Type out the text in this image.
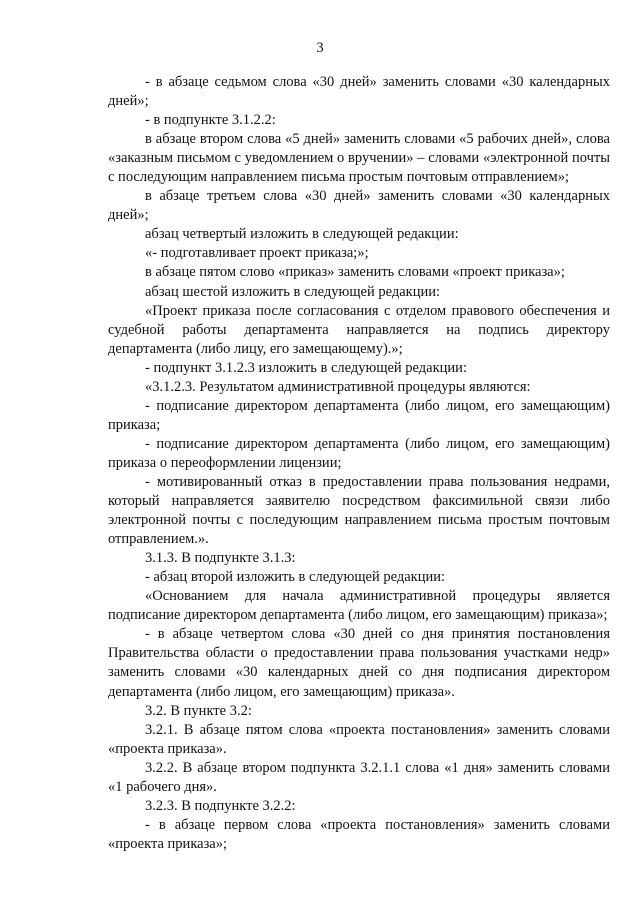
3

- в абзаце седьмом слова «30 дней» заменить словами «30 календарных дней»;

- в подпункте 3.1.2.2:

в абзаце втором слова «5 дней» заменить словами «5 рабочих дней», слова «заказным письмом с уведомлением о вручении» – словами «электронной почты с последующим направлением письма простым почтовым отправлением»;

в абзаце третьем слова «30 дней» заменить словами «30 календарных дней»;

абзац четвертый изложить в следующей редакции:

«- подготавливает проект приказа;»;

в абзаце пятом слово «приказ» заменить словами «проект приказа»;

абзац шестой изложить в следующей редакции:

«Проект приказа после согласования с отделом правового обеспечения и судебной работы департамента направляется на подпись директору департамента (либо лицу, его замещающему).»;

- подпункт 3.1.2.3 изложить в следующей редакции:

«3.1.2.3. Результатом административной процедуры являются:

- подписание директором департамента (либо лицом, его замещающим) приказа;

- подписание директором департамента (либо лицом, его замещающим) приказа о переоформлении лицензии;

- мотивированный отказ в предоставлении права пользования недрами, который направляется заявителю посредством факсимильной связи либо электронной почты с последующим направлением письма простым почтовым отправлением.».

3.1.3. В подпункте 3.1.3:

- абзац второй изложить в следующей редакции:

«Основанием для начала административной процедуры является подписание директором департамента (либо лицом, его замещающим) приказа»;

- в абзаце четвертом слова «30 дней со дня принятия постановления Правительства области о предоставлении права пользования участками недр» заменить словами «30 календарных дней со дня подписания директором департамента (либо лицом, его замещающим) приказа».

3.2. В пункте 3.2:

3.2.1. В абзаце пятом слова «проекта постановления» заменить словами «проекта приказа».

3.2.2. В абзаце втором подпункта 3.2.1.1 слова «1 дня» заменить словами «1 рабочего дня».

3.2.3. В подпункте 3.2.2:

- в абзаце первом слова «проекта постановления» заменить словами «проекта приказа»;
